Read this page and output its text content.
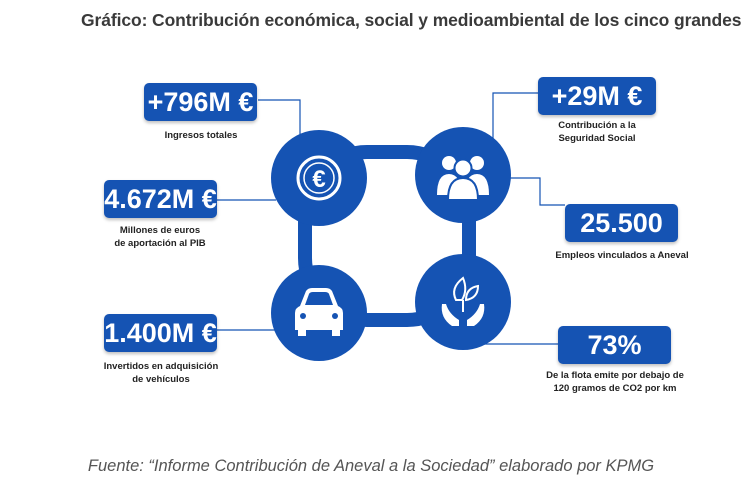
Gráfico: Contribución económica, social y medioambiental de los cinco grandes
€
+796M €
Ingresos totales
4.672M €
Millones de euros
de aportación al PIB
1.400M €
Invertidos en adquisición
de vehículos
+29M €
Contribución a la
Seguridad Social
25.500
Empleos vinculados a Aneval
73%
De la flota emite por debajo de
120 gramos de CO2 por km
Fuente: “Informe Contribución de Aneval a la Sociedad” elaborado por KPMG
